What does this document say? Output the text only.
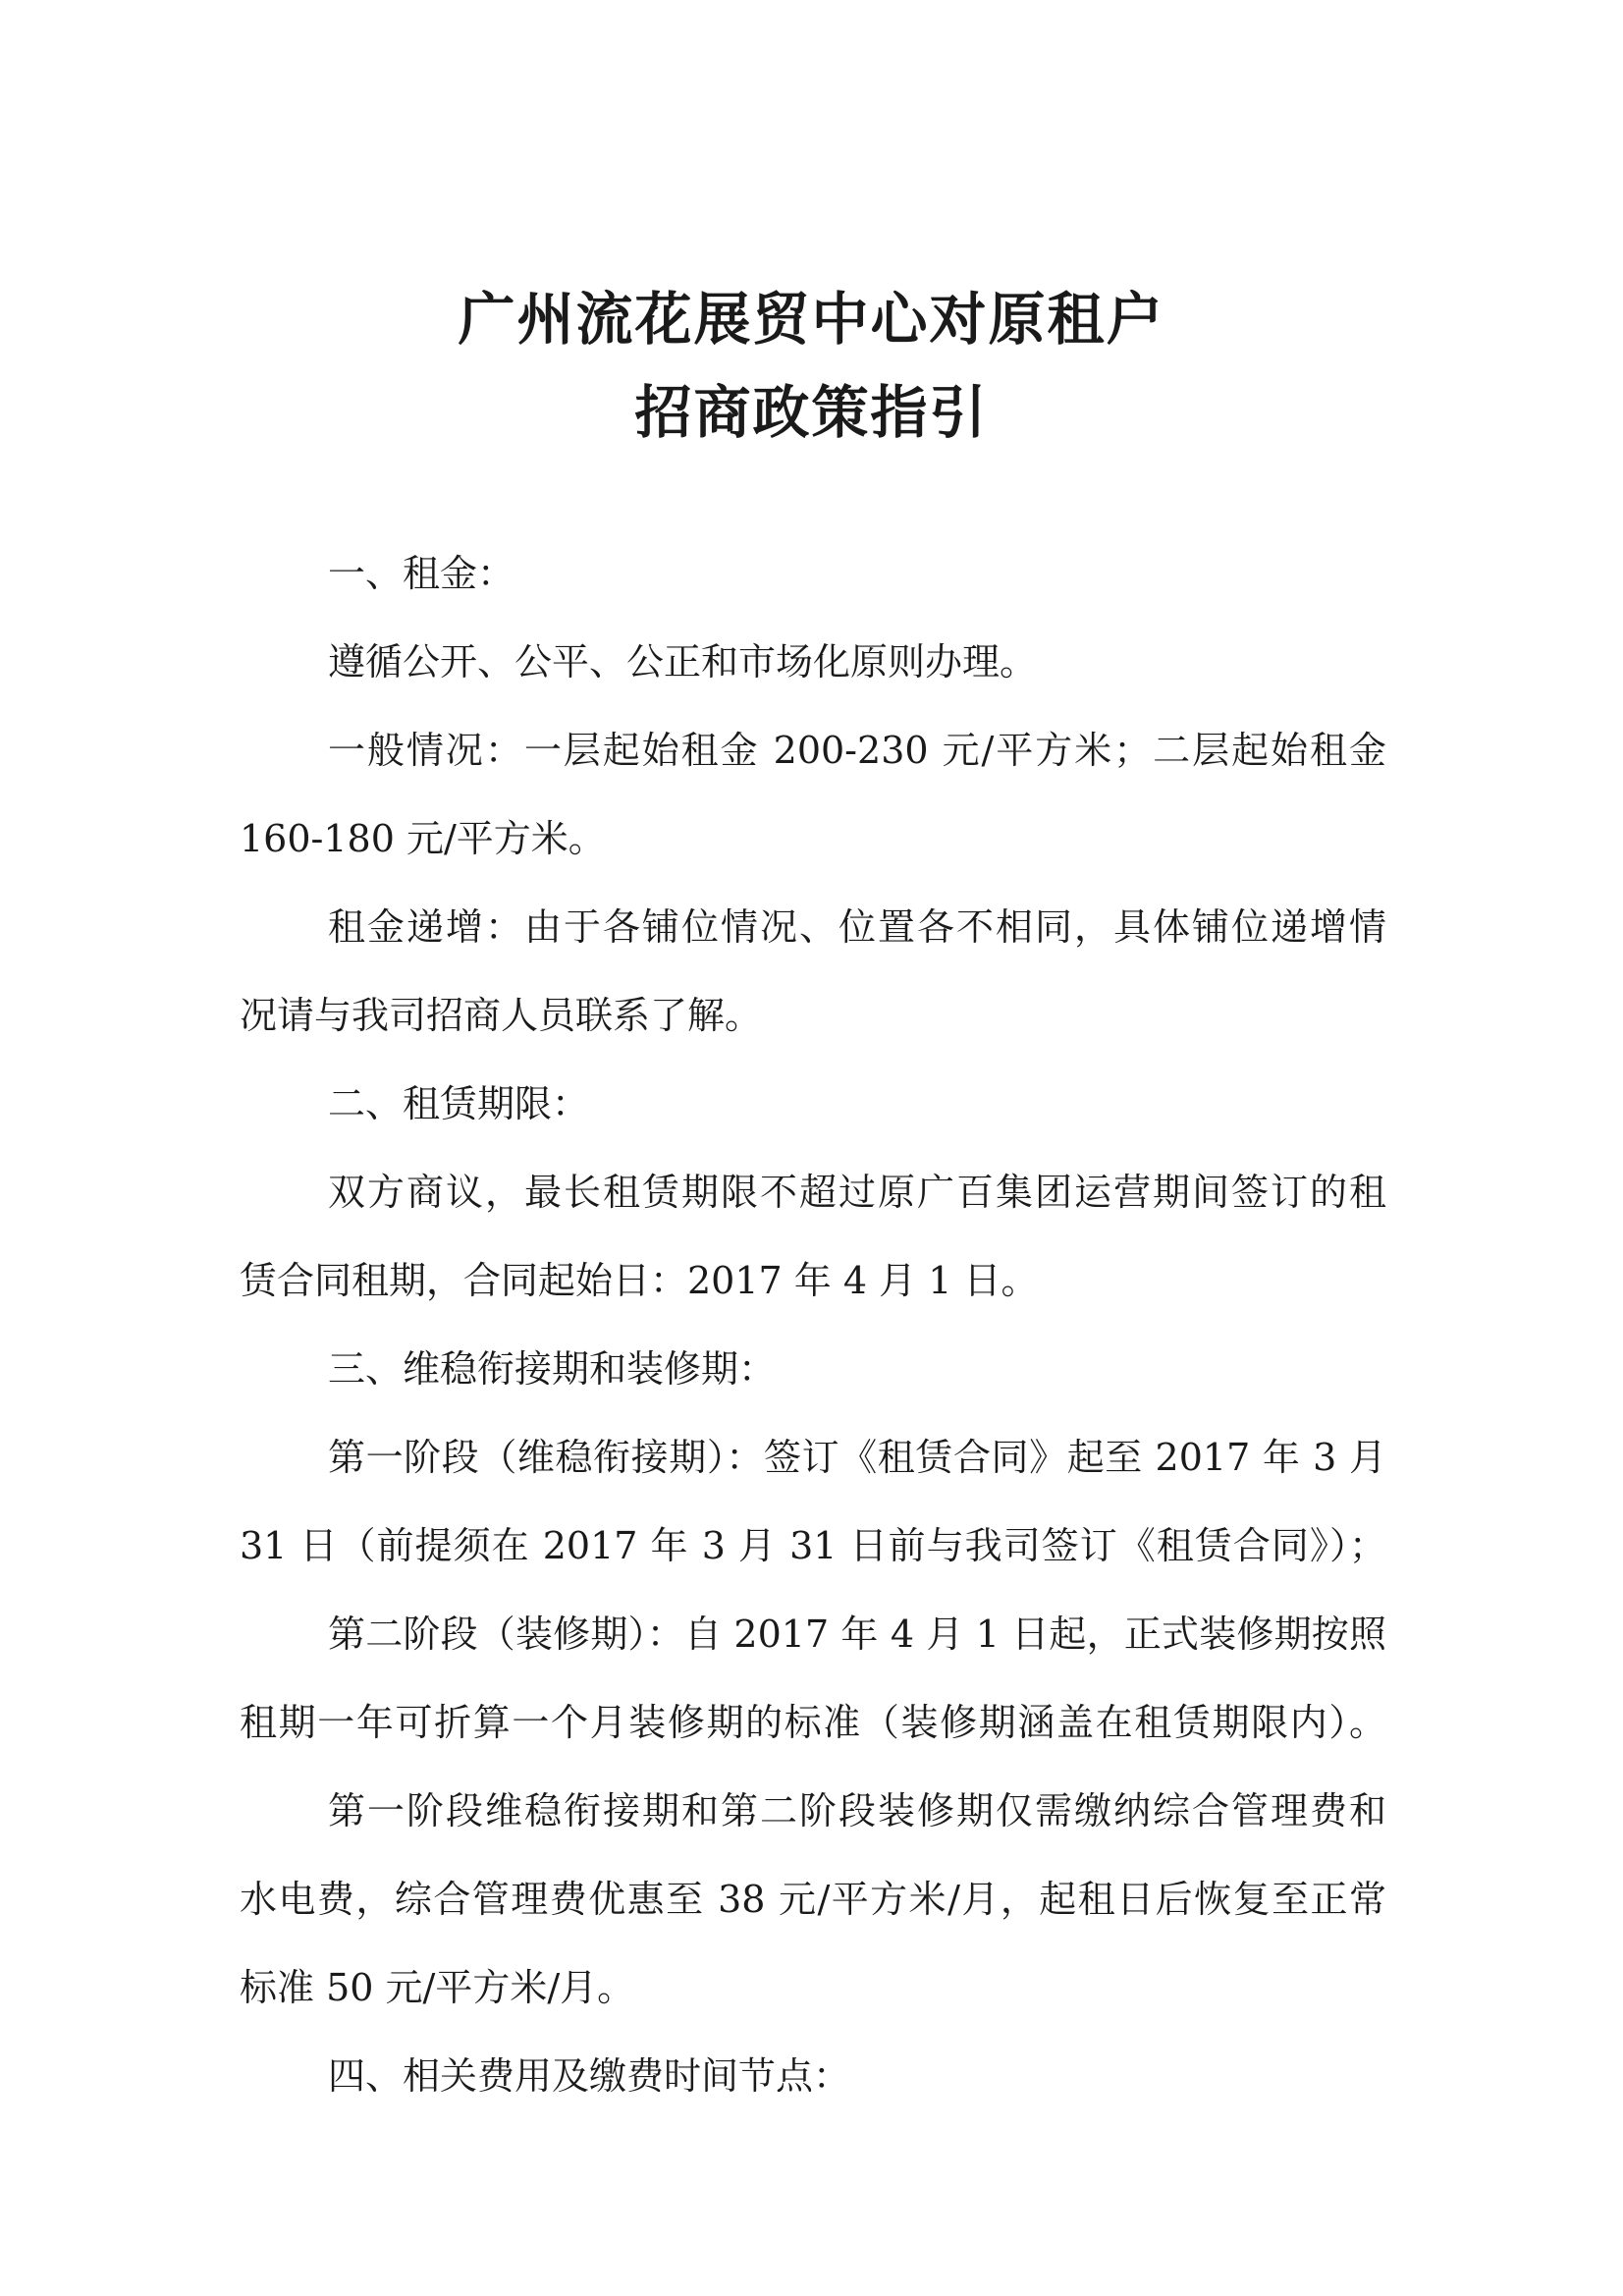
广州流花展贸中心对原租户
招商政策指引

一、租金：

遵循公开、公平、公正和市场化原则办理。

一般情况：一层起始租金 200-230 元/平方米；二层起始租金

160-180 元/平方米。

租金递增：由于各铺位情况、位置各不相同，具体铺位递增情

况请与我司招商人员联系了解。

二、租赁期限：

双方商议，最长租赁期限不超过原广百集团运营期间签订的租

赁合同租期，合同起始日：2017 年 4 月 1 日。

三、维稳衔接期和装修期：

第一阶段（维稳衔接期）：签订《租赁合同》起至 2017 年 3 月

31 日（前提须在 2017 年 3 月 31 日前与我司签订《租赁合同》）；

第二阶段（装修期）：自 2017 年 4 月 1 日起，正式装修期按照

租期一年可折算一个月装修期的标准（装修期涵盖在租赁期限内）。

第一阶段维稳衔接期和第二阶段装修期仅需缴纳综合管理费和

水电费，综合管理费优惠至 38 元/平方米/月，起租日后恢复至正常

标准 50 元/平方米/月。

四、相关费用及缴费时间节点：
